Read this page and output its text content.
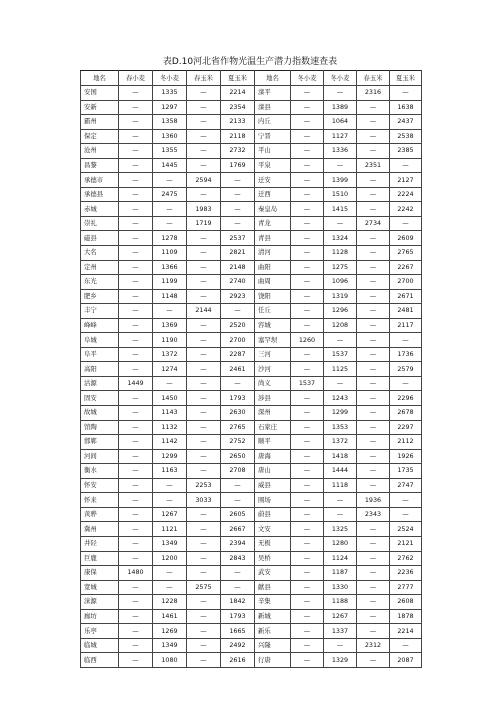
表D.10河北省作物光温生产潜力指数速查表
地名	春小麦	冬小麦	春玉米	夏玉米	地名	冬小麦	冬小麦	春玉米	夏玉米
安国	—	1335	—	2214	滦平	—	—	2316	—
安新	—	1297	—	2354	滦县	—	1389	—	1638
霸州	—	1358	—	2133	内丘	—	1064	—	2437
保定	—	1360	—	2118	宁晋	—	1127	—	2538
沧州	—	1355	—	2732	平山	—	1336	—	2385
昌黎	—	1445	—	1769	平泉	—	—	2351	—
承德市	—	—	2594	—	迁安	—	1399	—	2127
承德县	—	2475	—	—	迁西	—	1510	—	2224
赤城	—	—	1983	—	秦皇岛	—	1415	—	2242
崇礼	—	—	1719	—	青龙	—	—	2734	—
磁县	—	1278	—	2537	青县	—	1324	—	2609
大名	—	1109	—	2821	清河	—	1128	—	2765
定州	—	1366	—	2148	曲阳	—	1275	—	2267
东光	—	1199	—	2740	曲周	—	1096	—	2700
肥乡	—	1148	—	2923	饶阳	—	1319	—	2671
丰宁	—	—	2144	—	任丘	—	1296	—	2481
峰峰	—	1369	—	2520	容城	—	1208	—	2117
阜城	—	1190	—	2700	塞罕坝	1260	—	—	—
阜平	—	1372	—	2287	三河	—	1537	—	1736
高阳	—	1274	—	2461	沙河	—	1125	—	2579
沽源	1449	—	—	—	尚义	1537	—	—	—
固安	—	1450	—	1793	涉县	—	1243	—	2296
故城	—	1143	—	2630	深州	—	1299	—	2678
馆陶	—	1132	—	2765	石家庄	—	1353	—	2297
邯郸	—	1142	—	2752	顺平	—	1372	—	2112
河间	—	1299	—	2650	唐海	—	1418	—	1926
衡水	—	1163	—	2708	唐山	—	1444	—	1735
怀安	—	—	2253	—	威县	—	1118	—	2747
怀来	—	—	3033	—	围场	—	—	1936	—
黄骅	—	1267	—	2605	蔚县	—	—	2343	—
冀州	—	1121	—	2667	文安	—	1325	—	2524
井陉	—	1349	—	2394	无极	—	1280	—	2121
巨鹿	—	1200	—	2843	吴桥	—	1124	—	2762
康保	1480	—	—	—	武安	—	1187	—	2236
宽城	—	—	2575	—	献县	—	1330	—	2777
涞源	—	1228	—	1842	辛集	—	1188	—	2608
廊坊	—	1461	—	1793	新城	—	1267	—	1878
乐亭	—	1269	—	1665	新乐	—	1337	—	2214
临城	—	1349	—	2492	兴隆	—	—	2312	—
临西	—	1080	—	2616	行唐	—	1329	—	2087
